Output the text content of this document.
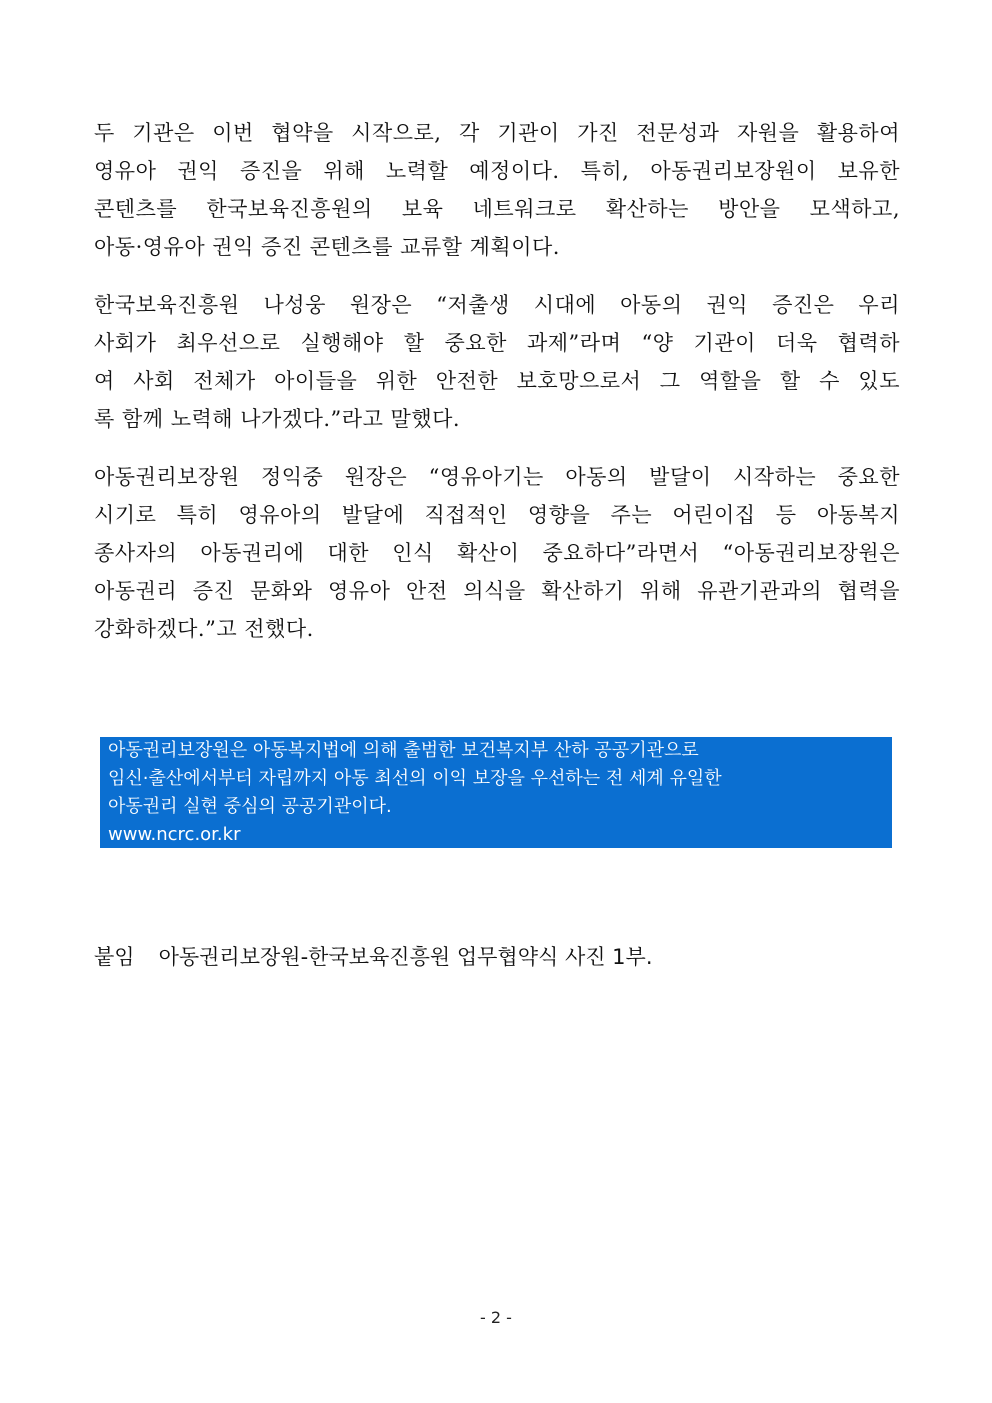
두 기관은 이번 협약을 시작으로, 각 기관이 가진 전문성과 자원을 활용하여
영유아 권익 증진을 위해 노력할 예정이다. 특히, 아동권리보장원이 보유한
콘텐츠를 한국보육진흥원의 보육 네트워크로 확산하는 방안을 모색하고,
아동·영유아 권익 증진 콘텐츠를 교류할 계획이다.
한국보육진흥원 나성웅 원장은 “저출생 시대에 아동의 권익 증진은 우리
사회가 최우선으로 실행해야 할 중요한 과제”라며 “양 기관이 더욱 협력하
여 사회 전체가 아이들을 위한 안전한 보호망으로서 그 역할을 할 수 있도
록 함께 노력해 나가겠다.”라고 말했다.
아동권리보장원 정익중 원장은 “영유아기는 아동의 발달이 시작하는 중요한
시기로 특히 영유아의 발달에 직접적인 영향을 주는 어린이집 등 아동복지
종사자의 아동권리에 대한 인식 확산이 중요하다”라면서 “아동권리보장원은
아동권리 증진 문화와 영유아 안전 의식을 확산하기 위해 유관기관과의 협력을
강화하겠다.”고 전했다.
아동권리보장원은 아동복지법에 의해 출범한 보건복지부 산하 공공기관으로
임신·출산에서부터 자립까지 아동 최선의 이익 보장을 우선하는 전 세계 유일한
아동권리 실현 중심의 공공기관이다.
www.ncrc.or.kr
붙임 아동권리보장원-한국보육진흥원 업무협약식 사진 1부.
- 2 -
